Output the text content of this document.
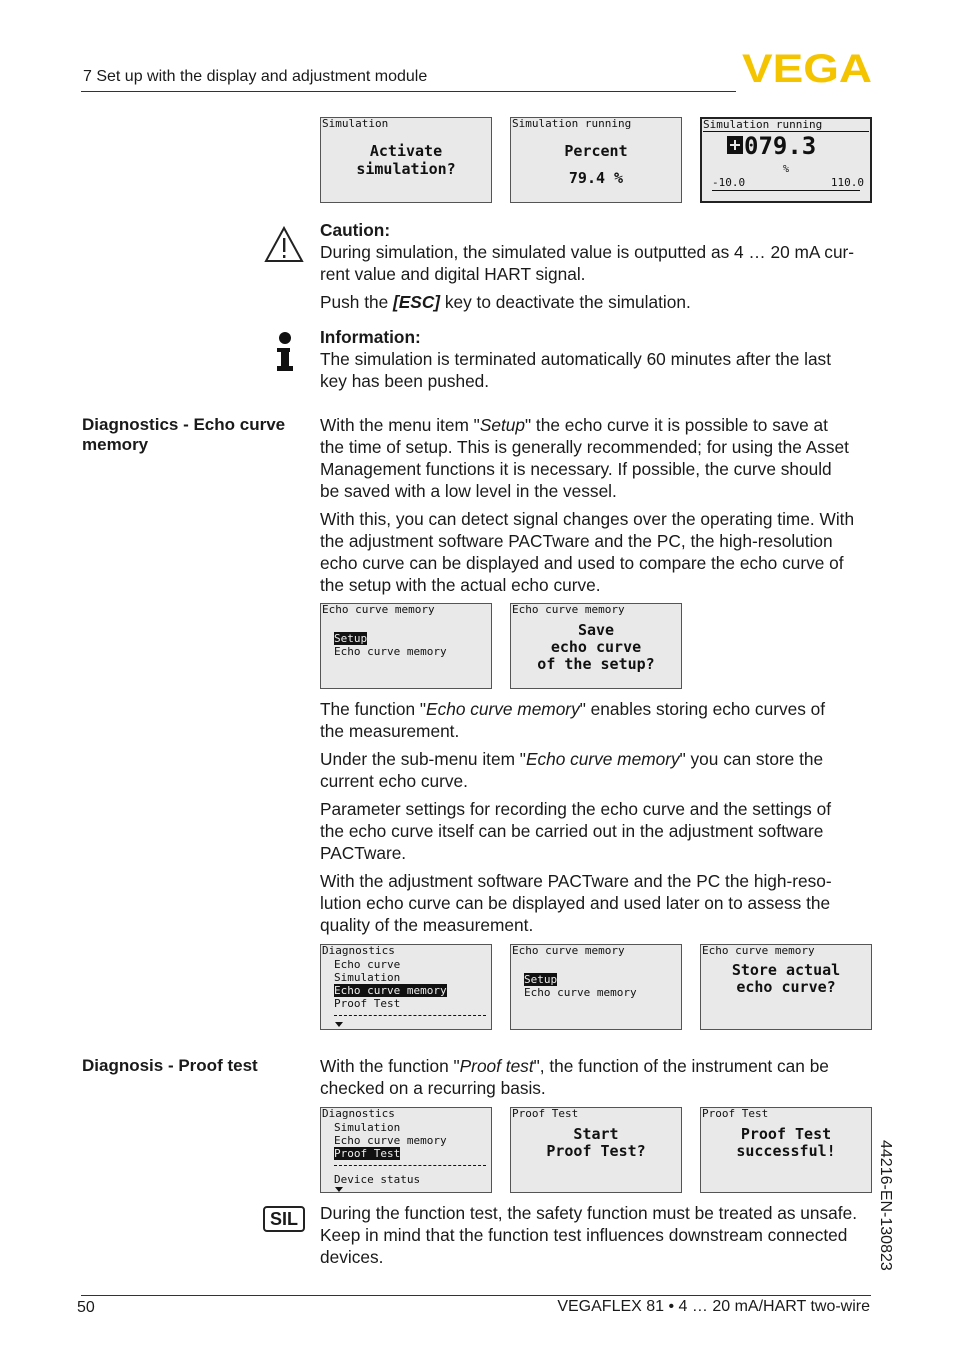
7 Set up with the display and adjustment module	VEGA
Simulation
Activate
simulation?
Simulation running
Percent
79.4 %
Simulation running
079.3
%
-10.0	110.0

Caution:

During simulation, the simulated value is outputted as 4 … 20 mA cur-

rent value and digital HART signal.

Push the [ESC] key to deactivate the simulation.

Information:

The simulation is terminated automatically 60 minutes after the last

key has been pushed.

Diagnostics - Echo curve
memory

With the menu item "Setup" the echo curve it is possible to save at

the time of setup. This is generally recommended; for using the Asset

Management functions it is necessary. If possible, the curve should

be saved with a low level in the vessel.

With this, you can detect signal changes over the operating time. With

the adjustment software PACTware and the PC, the high-resolution

echo curve can be displayed and used to compare the echo curve of

the setup with the actual echo curve.

Echo curve memory
Setup
Echo curve memory
Echo curve memory
Save
echo curve
of the setup?

The function "Echo curve memory" enables storing echo curves of

the measurement.

Under the sub-menu item "Echo curve memory" you can store the

current echo curve.

Parameter settings for recording the echo curve and the settings of

the echo curve itself can be carried out in the adjustment software

PACTware.

With the adjustment software PACTware and the PC the high-reso-

lution echo curve can be displayed and used later on to assess the

quality of the measurement.

Diagnostics
Echo curve
Simulation
Echo curve memory
Proof Test
Echo curve memory
Setup
Echo curve memory
Echo curve memory
Store actual
echo curve?
Diagnosis - Proof test	With the function "Proof test", the function of the instrument can be

checked on a recurring basis.

Diagnostics
Simulation
Echo curve memory
Proof Test
Device status
Proof Test
Start
Proof Test?
Proof Test
Proof Test
successful!
SIL	During the function test, the safety function must be treated as unsafe.

Keep in mind that the function test influences downstream connected

devices.	44216-EN-130823
50	VEGAFLEX 81 • 4 … 20 mA/HART two-wire
